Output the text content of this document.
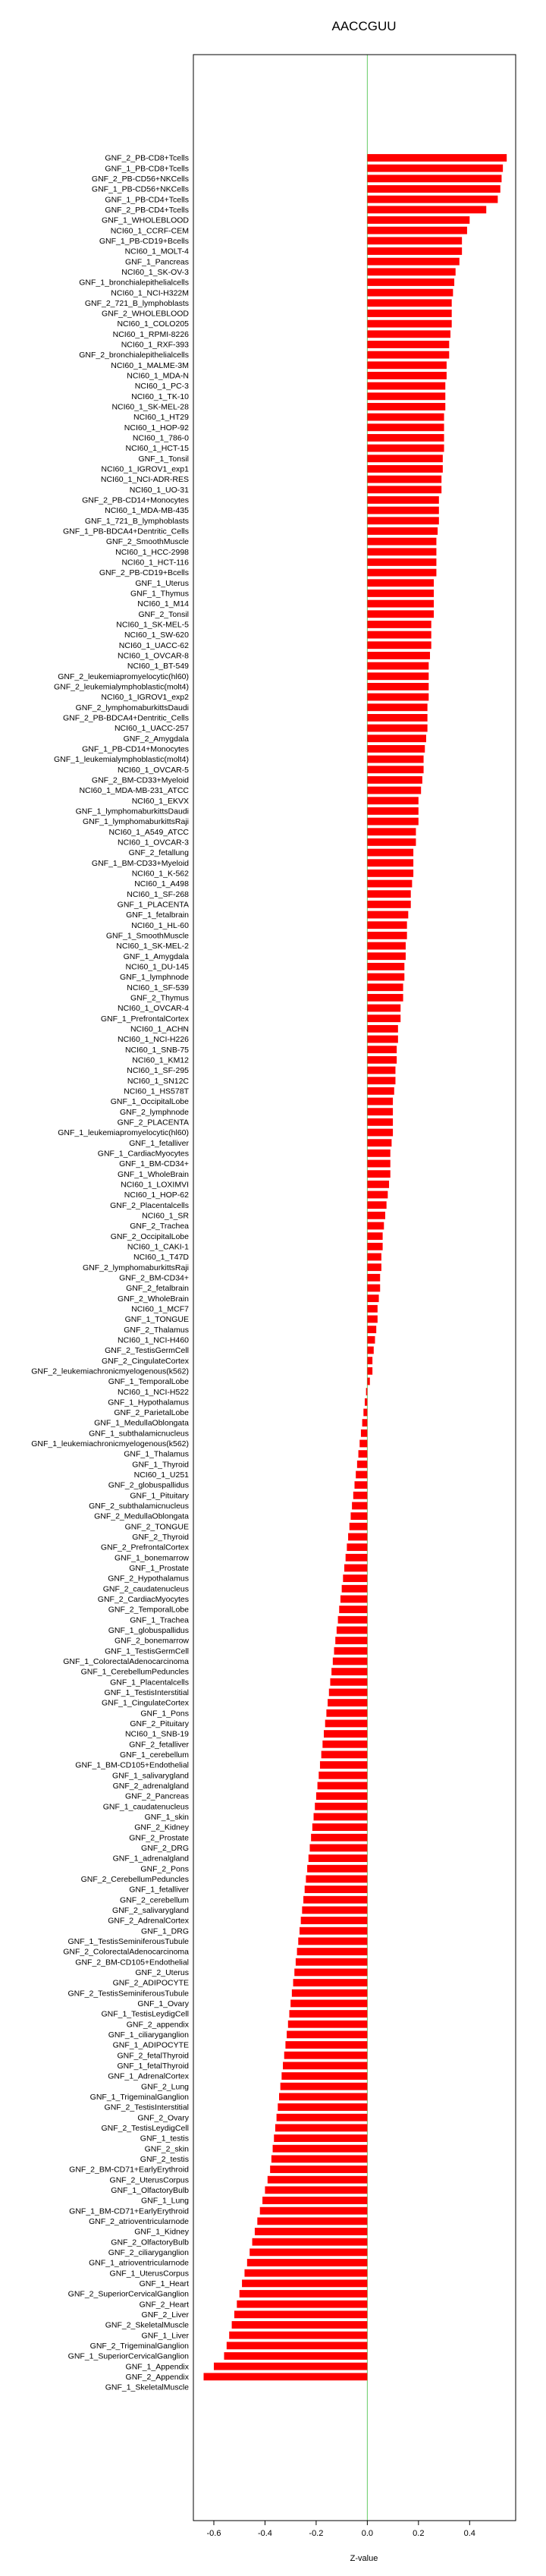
AACCGUU
GNF_2_PB-CD8+Tcells
GNF_1_PB-CD8+Tcells
GNF_2_PB-CD56+NKCells
GNF_1_PB-CD56+NKCells
GNF_1_PB-CD4+Tcells
GNF_2_PB-CD4+Tcells
GNF_1_WHOLEBLOOD
NCI60_1_CCRF-CEM
GNF_1_PB-CD19+Bcells
NCI60_1_MOLT-4
GNF_1_Pancreas
NCI60_1_SK-OV-3
GNF_1_bronchialepithelialcells
NCI60_1_NCI-H322M
GNF_2_721_B_lymphoblasts
GNF_2_WHOLEBLOOD
NCI60_1_COLO205
NCI60_1_RPMI-8226
NCI60_1_RXF-393
GNF_2_bronchialepithelialcells
NCI60_1_MALME-3M
NCI60_1_MDA-N
NCI60_1_PC-3
NCI60_1_TK-10
NCI60_1_SK-MEL-28
NCI60_1_HT29
NCI60_1_HOP-92
NCI60_1_786-0
NCI60_1_HCT-15
GNF_1_Tonsil
NCI60_1_IGROV1_exp1
NCI60_1_NCI-ADR-RES
NCI60_1_UO-31
GNF_2_PB-CD14+Monocytes
NCI60_1_MDA-MB-435
GNF_1_721_B_lymphoblasts
GNF_1_PB-BDCA4+Dentritic_Cells
GNF_2_SmoothMuscle
NCI60_1_HCC-2998
NCI60_1_HCT-116
GNF_2_PB-CD19+Bcells
GNF_1_Uterus
GNF_1_Thymus
NCI60_1_M14
GNF_2_Tonsil
NCI60_1_SK-MEL-5
NCI60_1_SW-620
NCI60_1_UACC-62
NCI60_1_OVCAR-8
NCI60_1_BT-549
GNF_2_leukemiapromyelocytic(hl60)
GNF_2_leukemialymphoblastic(molt4)
NCI60_1_IGROV1_exp2
GNF_2_lymphomaburkittsDaudi
GNF_2_PB-BDCA4+Dentritic_Cells
NCI60_1_UACC-257
GNF_2_Amygdala
GNF_1_PB-CD14+Monocytes
GNF_1_leukemialymphoblastic(molt4)
NCI60_1_OVCAR-5
GNF_2_BM-CD33+Myeloid
NCI60_1_MDA-MB-231_ATCC
NCI60_1_EKVX
GNF_1_lymphomaburkittsDaudi
GNF_1_lymphomaburkittsRaji
NCI60_1_A549_ATCC
NCI60_1_OVCAR-3
GNF_2_fetallung
GNF_1_BM-CD33+Myeloid
NCI60_1_K-562
NCI60_1_A498
NCI60_1_SF-268
GNF_1_PLACENTA
GNF_1_fetalbrain
NCI60_1_HL-60
GNF_1_SmoothMuscle
NCI60_1_SK-MEL-2
GNF_1_Amygdala
NCI60_1_DU-145
GNF_1_lymphnode
NCI60_1_SF-539
GNF_2_Thymus
NCI60_1_OVCAR-4
GNF_1_PrefrontalCortex
NCI60_1_ACHN
NCI60_1_NCI-H226
NCI60_1_SNB-75
NCI60_1_KM12
NCI60_1_SF-295
NCI60_1_SN12C
NCI60_1_HS578T
GNF_1_OccipitalLobe
GNF_2_lymphnode
GNF_2_PLACENTA
GNF_1_leukemiapromyelocytic(hl60)
GNF_1_fetalliver
GNF_1_CardiacMyocytes
GNF_1_BM-CD34+
GNF_1_WholeBrain
NCI60_1_LOXIMVI
NCI60_1_HOP-62
GNF_2_Placentalcells
NCI60_1_SR
GNF_2_Trachea
GNF_2_OccipitalLobe
NCI60_1_CAKI-1
NCI60_1_T47D
GNF_2_lymphomaburkittsRaji
GNF_2_BM-CD34+
GNF_2_fetalbrain
GNF_2_WholeBrain
NCI60_1_MCF7
GNF_1_TONGUE
GNF_2_Thalamus
NCI60_1_NCI-H460
GNF_2_TestisGermCell
GNF_2_CingulateCortex
GNF_2_leukemiachronicmyelogenous(k562)
GNF_1_TemporalLobe
NCI60_1_NCI-H522
GNF_1_Hypothalamus
GNF_2_ParietalLobe
GNF_1_MedullaOblongata
GNF_1_subthalamicnucleus
GNF_1_leukemiachronicmyelogenous(k562)
GNF_1_Thalamus
GNF_1_Thyroid
NCI60_1_U251
GNF_2_globuspallidus
GNF_1_Pituitary
GNF_2_subthalamicnucleus
GNF_2_MedullaOblongata
GNF_2_TONGUE
GNF_2_Thyroid
GNF_2_PrefrontalCortex
GNF_1_bonemarrow
GNF_1_Prostate
GNF_2_Hypothalamus
GNF_2_caudatenucleus
GNF_2_CardiacMyocytes
GNF_2_TemporalLobe
GNF_1_Trachea
GNF_1_globuspallidus
GNF_2_bonemarrow
GNF_1_TestisGermCell
GNF_1_ColorectalAdenocarcinoma
GNF_1_CerebellumPeduncles
GNF_1_Placentalcells
GNF_1_TestisInterstitial
GNF_1_CingulateCortex
GNF_1_Pons
GNF_2_Pituitary
NCI60_1_SNB-19
GNF_2_fetalliver
GNF_1_cerebellum
GNF_1_BM-CD105+Endothelial
GNF_1_salivarygland
GNF_2_adrenalgland
GNF_2_Pancreas
GNF_1_caudatenucleus
GNF_1_skin
GNF_2_Kidney
GNF_2_Prostate
GNF_2_DRG
GNF_1_adrenalgland
GNF_2_Pons
GNF_2_CerebellumPeduncles
GNF_1_fetalliver
GNF_2_cerebellum
GNF_2_salivarygland
GNF_2_AdrenalCortex
GNF_1_DRG
GNF_1_TestisSeminiferousTubule
GNF_2_ColorectalAdenocarcinoma
GNF_2_BM-CD105+Endothelial
GNF_2_Uterus
GNF_2_ADIPOCYTE
GNF_2_TestisSeminiferousTubule
GNF_1_Ovary
GNF_1_TestisLeydigCell
GNF_2_appendix
GNF_1_ciliaryganglion
GNF_1_ADIPOCYTE
GNF_2_fetalThyroid
GNF_1_fetalThyroid
GNF_1_AdrenalCortex
GNF_2_Lung
GNF_1_TrigeminalGanglion
GNF_2_TestisInterstitial
GNF_2_Ovary
GNF_2_TestisLeydigCell
GNF_1_testis
GNF_2_skin
GNF_2_testis
GNF_2_BM-CD71+EarlyErythroid
GNF_2_UterusCorpus
GNF_1_OlfactoryBulb
GNF_1_Lung
GNF_1_BM-CD71+EarlyErythroid
GNF_2_atrioventricularnode
GNF_1_Kidney
GNF_2_OlfactoryBulb
GNF_2_ciliaryganglion
GNF_1_atrioventricularnode
GNF_1_UterusCorpus
GNF_1_Heart
GNF_2_SuperiorCervicalGanglion
GNF_2_Heart
GNF_2_Liver
GNF_2_SkeletalMuscle
GNF_1_Liver
GNF_2_TrigeminalGanglion
GNF_1_SuperiorCervicalGanglion
GNF_1_Appendix
GNF_2_Appendix
GNF_1_SkeletalMuscle
-0.6	-0.4	-0.2	0.0	0.2	0.4
Z-value
